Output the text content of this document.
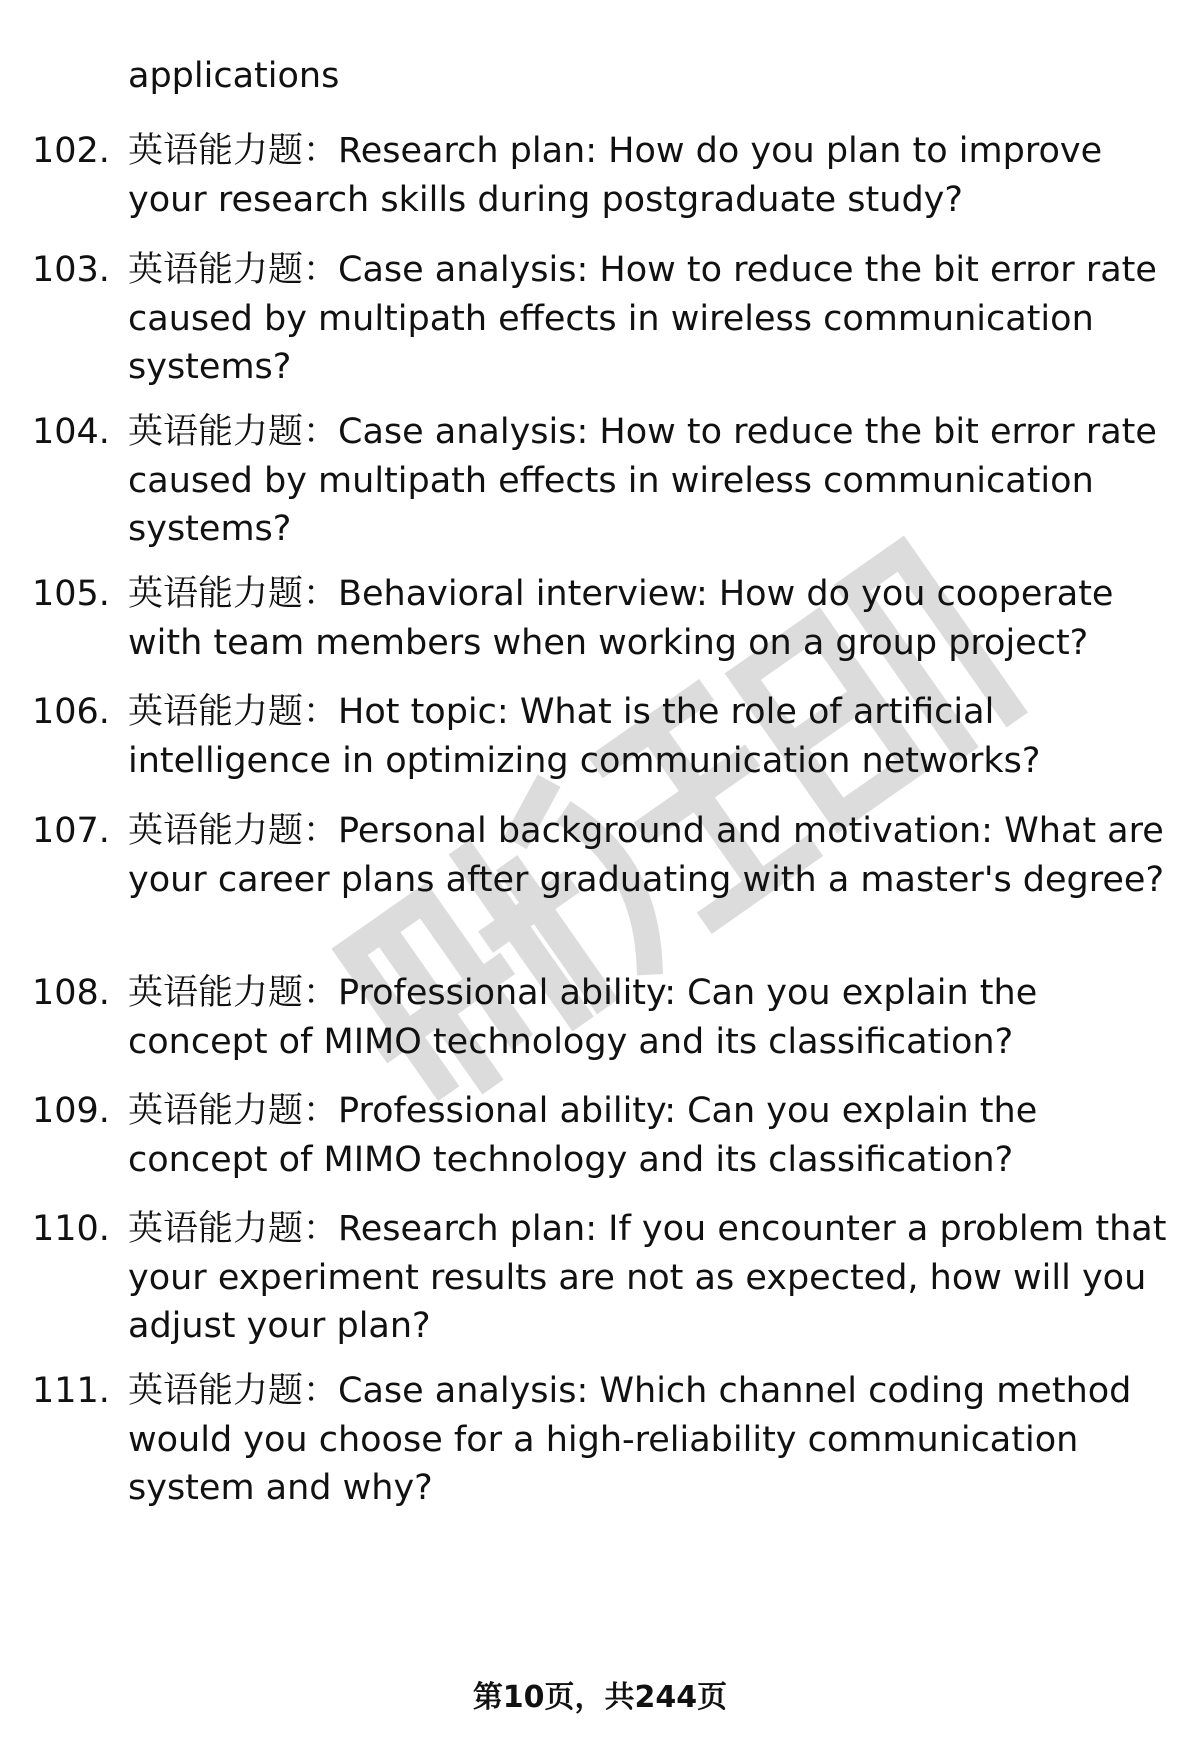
applications
102. 英语能力题：Research plan: How do you plan to improve your research skills during postgraduate study?
103. 英语能力题：Case analysis: How to reduce the bit error rate caused by multipath effects in wireless communication systems?
104. 英语能力题：Case analysis: How to reduce the bit error rate caused by multipath effects in wireless communication systems?
105. 英语能力题：Behavioral interview: How do you cooperate with team members when working on a group project?
106. 英语能力题：Hot topic: What is the role of artificial intelligence in optimizing communication networks?
107. 英语能力题：Personal background and motivation: What are your career plans after graduating with a master's degree?
108. 英语能力题：Professional ability: Can you explain the concept of MIMO technology and its classification?
109. 英语能力题：Professional ability: Can you explain the concept of MIMO technology and its classification?
110. 英语能力题：Research plan: If you encounter a problem that your experiment results are not as expected, how will you adjust your plan?
111. 英语能力题：Case analysis: Which channel coding method would you choose for a high-reliability communication system and why?
第10页，共244页
